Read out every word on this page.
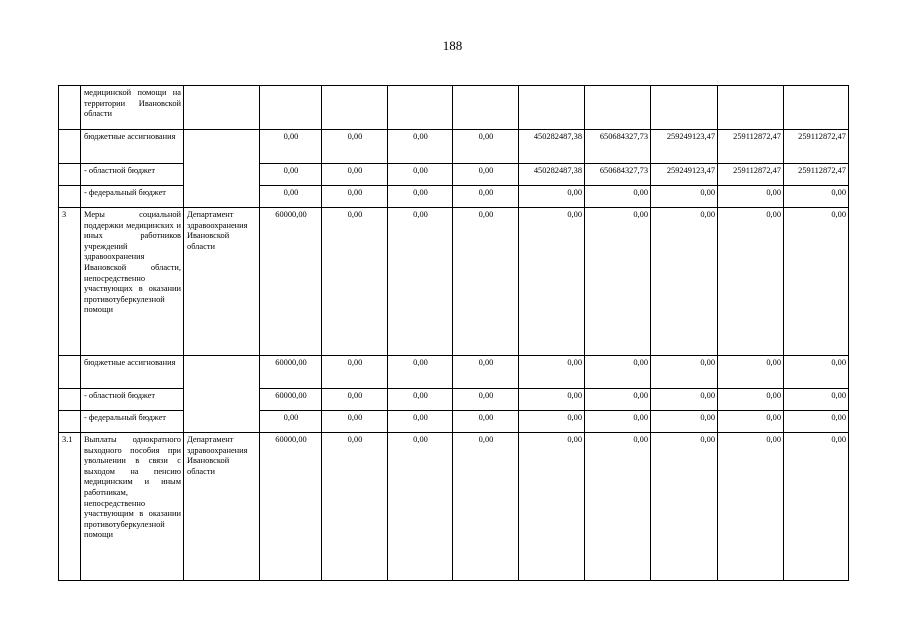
188
	медицинской помощи на территории Ивановской области										
	бюджетные ассигнования		0,00	0,00	0,00	0,00	450282487,38	650684327,73	259249123,47	259112872,47	259112872,47
	- областной бюджет		0,00	0,00	0,00	0,00	450282487,38	650684327,73	259249123,47	259112872,47	259112872,47
	- федеральный бюджет		0,00	0,00	0,00	0,00	0,00	0,00	0,00	0,00	0,00
3	Меры социальной поддержки медицинских и иных работников учреждений здравоохранения Ивановской области, непосредственно участвующих в оказании противотуберкулезной помощи	Департамент здравоохранения Ивановской области	60000,00	0,00	0,00	0,00	0,00	0,00	0,00	0,00	0,00
	бюджетные ассигнования		60000,00	0,00	0,00	0,00	0,00	0,00	0,00	0,00	0,00
	- областной бюджет		60000,00	0,00	0,00	0,00	0,00	0,00	0,00	0,00	0,00
	- федеральный бюджет		0,00	0,00	0,00	0,00	0,00	0,00	0,00	0,00	0,00
3.1	Выплаты однократного выходного пособия при увольнении в связи с выходом на пенсию медицинским и иным работникам, непосредственно участвующим в оказании противотуберкулезной помощи	Департамент здравоохранения Ивановской области	60000,00	0,00	0,00	0,00	0,00	0,00	0,00	0,00	0,00
